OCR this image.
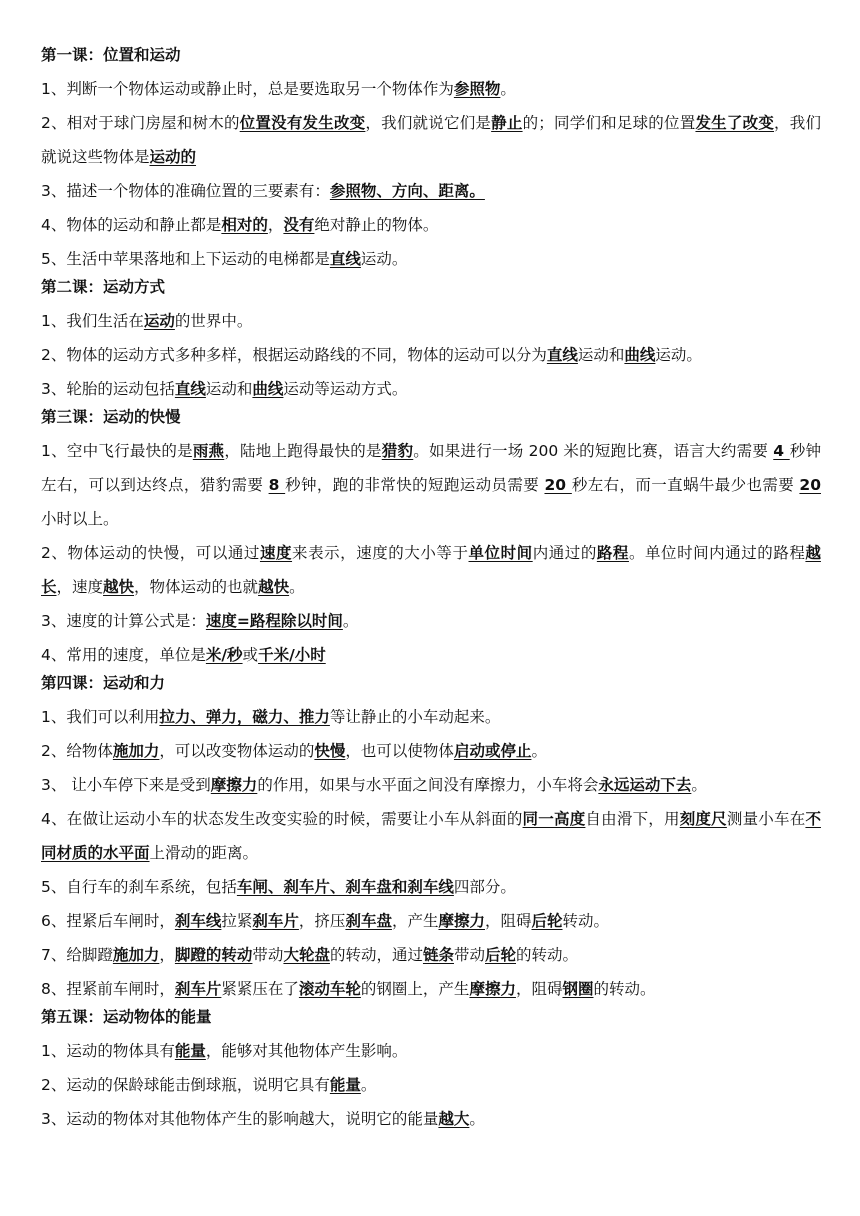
第一课：位置和运动

1、判断一个物体运动或静止时，总是要选取另一个物体作为参照物。

2、相对于球门房屋和树木的位置没有发生改变，我们就说它们是静止的；同学们和足球的位置发生了改变，我们就说这些物体是运动的

3、描述一个物体的准确位置的三要素有：参照物、方向、距离。

4、物体的运动和静止都是相对的，没有绝对静止的物体。

5、生活中苹果落地和上下运动的电梯都是直线运动。

第二课：运动方式

1、我们生活在运动的世界中。

2、物体的运动方式多种多样，根据运动路线的不同，物体的运动可以分为直线运动和曲线运动。

3、轮胎的运动包括直线运动和曲线运动等运动方式。

第三课：运动的快慢

1、空中飞行最快的是雨燕，陆地上跑得最快的是猎豹。如果进行一场 200 米的短跑比赛，语言大约需要 4 秒钟左右，可以到达终点，猎豹需要 8 秒钟，跑的非常快的短跑运动员需要 20 秒左右，而一直蜗牛最少也需要 20 小时以上。

2、物体运动的快慢，可以通过速度来表示，速度的大小等于单位时间内通过的路程。单位时间内通过的路程越长，速度越快，物体运动的也就越快。

3、速度的计算公式是：速度=路程除以时间。

4、常用的速度，单位是米/秒或千米/小时

第四课：运动和力

1、我们可以利用拉力、弹力，磁力、推力等让静止的小车动起来。

2、给物体施加力，可以改变物体运动的快慢，也可以使物体启动或停止。

3、 让小车停下来是受到摩擦力的作用，如果与水平面之间没有摩擦力，小车将会永远运动下去。

4、在做让运动小车的状态发生改变实验的时候，需要让小车从斜面的同一高度自由滑下，用刻度尺测量小车在不同材质的水平面上滑动的距离。

5、自行车的刹车系统，包括车闸、刹车片、刹车盘和刹车线四部分。

6、捏紧后车闸时，刹车线拉紧刹车片，挤压刹车盘，产生摩擦力，阻碍后轮转动。

7、给脚蹬施加力，脚蹬的转动带动大轮盘的转动，通过链条带动后轮的转动。

8、捏紧前车闸时，刹车片紧紧压在了滚动车轮的钢圈上，产生摩擦力，阻碍钢圈的转动。

第五课：运动物体的能量

1、运动的物体具有能量，能够对其他物体产生影响。

2、运动的保龄球能击倒球瓶，说明它具有能量。

3、运动的物体对其他物体产生的影响越大，说明它的能量越大。
